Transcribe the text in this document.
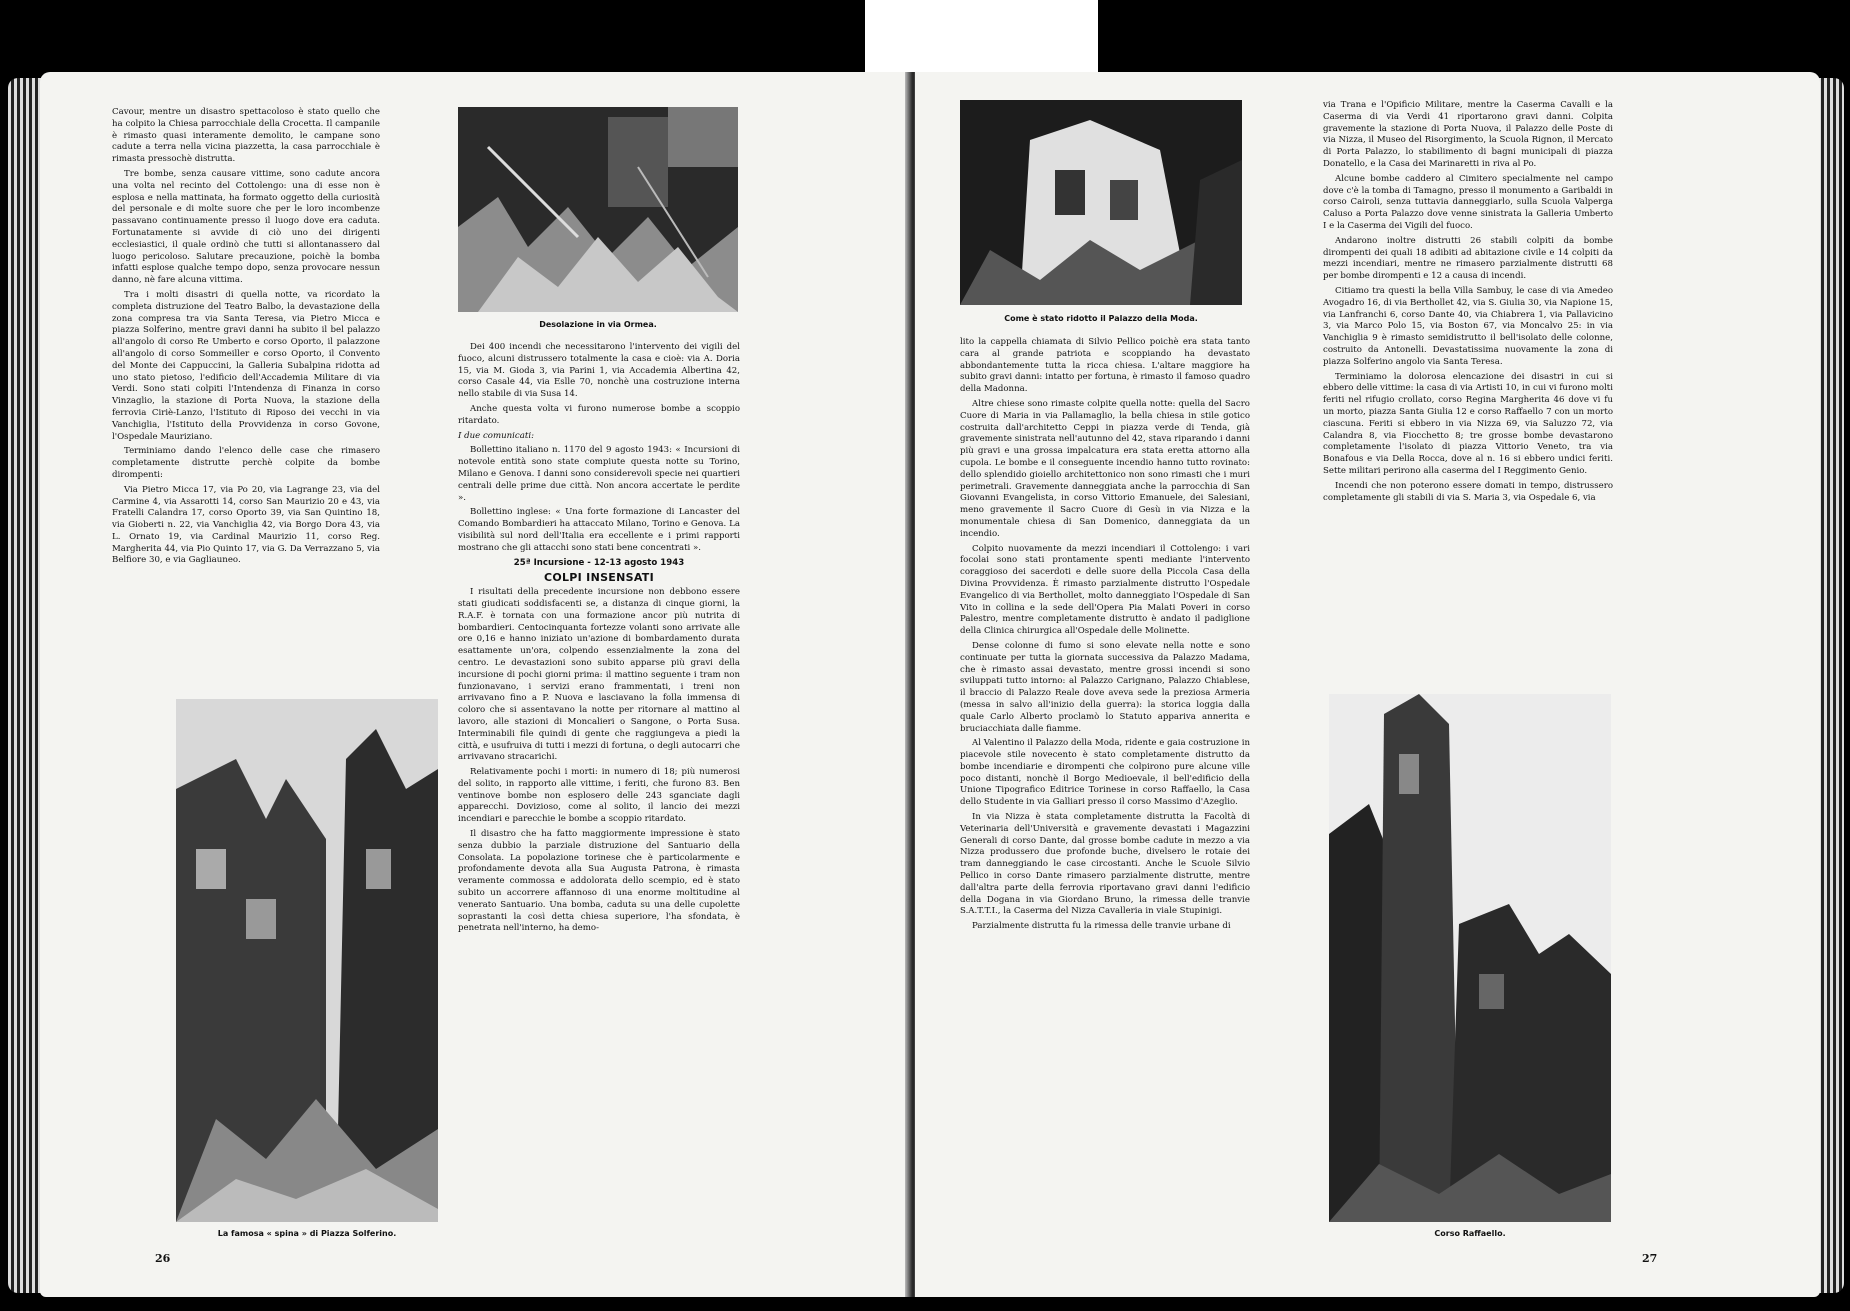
Cavour, mentre un disastro spettacoloso è stato quello che ha colpito la Chiesa parrocchiale della Crocetta. Il campanile è rimasto quasi interamente demolito, le campane sono cadute a terra nella vicina piazzetta, la casa parrocchiale è rimasta pressochè distrutta.

Tre bombe, senza causare vittime, sono cadute ancora una volta nel recinto del Cottolengo: una di esse non è esplosa e nella mattinata, ha formato oggetto della curiosità del personale e di molte suore che per le loro incombenze passavano continuamente presso il luogo dove era caduta. Fortunatamente si avvide di ciò uno dei dirigenti ecclesiastici, il quale ordinò che tutti si allontanassero dal luogo pericoloso. Salutare precauzione, poichè la bomba infatti esplose qualche tempo dopo, senza provocare nessun danno, nè fare alcuna vittima.

Tra i molti disastri di quella notte, va ricordato la completa distruzione del Teatro Balbo, la devastazione della zona compresa tra via Santa Teresa, via Pietro Micca e piazza Solferino, mentre gravi danni ha subito il bel palazzo all'angolo di corso Re Umberto e corso Oporto, il palazzone all'angolo di corso Sommeiller e corso Oporto, il Convento del Monte dei Cappuccini, la Galleria Subalpina ridotta ad uno stato pietoso, l'edificio dell'Accademia Militare di via Verdi. Sono stati colpiti l'Intendenza di Finanza in corso Vinzaglio, la stazione di Porta Nuova, la stazione della ferrovia Ciriè-Lanzo, l'Istituto di Riposo dei vecchi in via Vanchiglia, l'Istituto della Provvidenza in corso Govone, l'Ospedale Mauriziano.

Terminiamo dando l'elenco delle case che rimasero completamente distrutte perchè colpite da bombe dirompenti:

Via Pietro Micca 17, via Po 20, via Lagrange 23, via del Carmine 4, via Assarotti 14, corso San Maurizio 20 e 43, via Fratelli Calandra 17, corso Oporto 39, via San Quintino 18, via Gioberti n. 22, via Vanchiglia 42, via Borgo Dora 43, via L. Ornato 19, via Cardinal Maurizio 11, corso Reg. Margherita 44, via Pio Quinto 17, via G. Da Verrazzano 5, via Belfiore 30, e via Gagliauneo.

Desolazione in via Ormea.

Dei 400 incendi che necessitarono l'intervento dei vigili del fuoco, alcuni distrussero totalmente la casa e cioè: via A. Doria 15, via M. Gioda 3, via Parini 1, via Accademia Albertina 42, corso Casale 44, via Eslle 70, nonchè una costruzione interna nello stabile di via Susa 14.

Anche questa volta vi furono numerose bombe a scoppio ritardato.

I due comunicati:

Bollettino italiano n. 1170 del 9 agosto 1943: « Incursioni di notevole entità sono state compiute questa notte su Torino, Milano e Genova. I danni sono considerevoli specie nei quartieri centrali delle prime due città. Non ancora accertate le perdite ».

Bollettino inglese: « Una forte formazione di Lancaster del Comando Bombardieri ha attaccato Milano, Torino e Genova. La visibilità sul nord dell'Italia era eccellente e i primi rapporti mostrano che gli attacchi sono stati bene concentrati ».

25ª Incursione - 12-13 agosto 1943

COLPI INSENSATI

I risultati della precedente incursione non debbono essere stati giudicati soddisfacenti se, a distanza di cinque giorni, la R.A.F. è tornata con una formazione ancor più nutrita di bombardieri. Centocinquanta fortezze volanti sono arrivate alle ore 0,16 e hanno iniziato un'azione di bombardamento durata esattamente un'ora, colpendo essenzialmente la zona del centro. Le devastazioni sono subito apparse più gravi della incursione di pochi giorni prima: il mattino seguente i tram non funzionavano, i servizi erano frammentati, i treni non arrivavano fino a P. Nuova e lasciavano la folla immensa di coloro che si assentavano la notte per ritornare al mattino al lavoro, alle stazioni di Moncalieri o Sangone, o Porta Susa. Interminabili file quindi di gente che raggiungeva a piedi la città, e usufruiva di tutti i mezzi di fortuna, o degli autocarri che arrivavano stracarichi.

Relativamente pochi i morti: in numero di 18; più numerosi del solito, in rapporto alle vittime, i feriti, che furono 83. Ben ventinove bombe non esplosero delle 243 sganciate dagli apparecchi. Dovizioso, come al solito, il lancio dei mezzi incendiari e parecchie le bombe a scoppio ritardato.

Il disastro che ha fatto maggiormente impressione è stato senza dubbio la parziale distruzione del Santuario della Consolata. La popolazione torinese che è particolarmente e profondamente devota alla Sua Augusta Patrona, è rimasta veramente commossa e addolorata dello scempio, ed è stato subito un accorrere affannoso di una enorme moltitudine al venerato Santuario. Una bomba, caduta su una delle cupolette soprastanti la così detta chiesa superiore, l'ha sfondata, è penetrata nell'interno, ha demo-

La famosa « spina » di Piazza Solferino.
26
Come è stato ridotto il Palazzo della Moda.

lito la cappella chiamata di Silvio Pellico poichè era stata tanto cara al grande patriota e scoppiando ha devastato abbondantemente tutta la ricca chiesa. L'altare maggiore ha subito gravi danni: intatto per fortuna, è rimasto il famoso quadro della Madonna.

Altre chiese sono rimaste colpite quella notte: quella del Sacro Cuore di Maria in via Pallamaglio, la bella chiesa in stile gotico costruita dall'architetto Ceppi in piazza verde di Tenda, già gravemente sinistrata nell'autunno del 42, stava riparando i danni più gravi e una grossa impalcatura era stata eretta attorno alla cupola. Le bombe e il conseguente incendio hanno tutto rovinato: dello splendido gioiello architettonico non sono rimasti che i muri perimetrali. Gravemente danneggiata anche la parrocchia di San Giovanni Evangelista, in corso Vittorio Emanuele, dei Salesiani, meno gravemente il Sacro Cuore di Gesù in via Nizza e la monumentale chiesa di San Domenico, danneggiata da un incendio.

Colpito nuovamente da mezzi incendiari il Cottolengo: i vari focolai sono stati prontamente spenti mediante l'intervento coraggioso dei sacerdoti e delle suore della Piccola Casa della Divina Provvidenza. È rimasto parzialmente distrutto l'Ospedale Evangelico di via Berthollet, molto danneggiato l'Ospedale di San Vito in collina e la sede dell'Opera Pia Malati Poveri in corso Palestro, mentre completamente distrutto è andato il padiglione della Clinica chirurgica all'Ospedale delle Molinette.

Dense colonne di fumo si sono elevate nella notte e sono continuate per tutta la giornata successiva da Palazzo Madama, che è rimasto assai devastato, mentre grossi incendi si sono sviluppati tutto intorno: al Palazzo Carignano, Palazzo Chiablese, il braccio di Palazzo Reale dove aveva sede la preziosa Armeria (messa in salvo all'inizio della guerra): la storica loggia dalla quale Carlo Alberto proclamò lo Statuto appariva annerita e bruciacchiata dalle fiamme.

Al Valentino il Palazzo della Moda, ridente e gaia costruzione in piacevole stile novecento è stato completamente distrutto da bombe incendiarie e dirompenti che colpirono pure alcune ville poco distanti, nonchè il Borgo Medioevale, il bell'edificio della Unione Tipografico Editrice Torinese in corso Raffaello, la Casa dello Studente in via Galliari presso il corso Massimo d'Azeglio.

In via Nizza è stata completamente distrutta la Facoltà di Veterinaria dell'Università e gravemente devastati i Magazzini Generali di corso Dante, dal grosse bombe cadute in mezzo a via Nizza produssero due profonde buche, divelsero le rotaie dei tram danneggiando le case circostanti. Anche le Scuole Silvio Pellico in corso Dante rimasero parzialmente distrutte, mentre dall'altra parte della ferrovia riportavano gravi danni l'edificio della Dogana in via Giordano Bruno, la rimessa delle tranvie S.A.T.T.I., la Caserma del Nizza Cavalleria in viale Stupinigi.

Parzialmente distrutta fu la rimessa delle tranvie urbane di

via Trana e l'Opificio Militare, mentre la Caserma Cavalli e la Caserma di via Verdi 41 riportarono gravi danni. Colpita gravemente la stazione di Porta Nuova, il Palazzo delle Poste di via Nizza, il Museo del Risorgimento, la Scuola Rignon, il Mercato di Porta Palazzo, lo stabilimento di bagni municipali di piazza Donatello, e la Casa dei Marinaretti in riva al Po.

Alcune bombe caddero al Cimitero specialmente nel campo dove c'è la tomba di Tamagno, presso il monumento a Garibaldi in corso Cairoli, senza tuttavia danneggiarlo, sulla Scuola Valperga Caluso a Porta Palazzo dove venne sinistrata la Galleria Umberto I e la Caserma dei Vigili del fuoco.

Andarono inoltre distrutti 26 stabili colpiti da bombe dirompenti dei quali 18 adibiti ad abitazione civile e 14 colpiti da mezzi incendiari, mentre ne rimasero parzialmente distrutti 68 per bombe dirompenti e 12 a causa di incendi.

Citiamo tra questi la bella Villa Sambuy, le case di via Amedeo Avogadro 16, di via Berthollet 42, via S. Giulia 30, via Napione 15, via Lanfranchi 6, corso Dante 40, via Chiabrera 1, via Pallavicino 3, via Marco Polo 15, via Boston 67, via Moncalvo 25: in via Vanchiglia 9 è rimasto semidistrutto il bell'isolato delle colonne, costruito da Antonelli. Devastatissima nuovamente la zona di piazza Solferino angolo via Santa Teresa.

Terminiamo la dolorosa elencazione dei disastri in cui si ebbero delle vittime: la casa di via Artisti 10, in cui vi furono molti feriti nel rifugio crollato, corso Regina Margherita 46 dove vi fu un morto, piazza Santa Giulia 12 e corso Raffaello 7 con un morto ciascuna. Feriti si ebbero in via Nizza 69, via Saluzzo 72, via Calandra 8, via Fiocchetto 8; tre grosse bombe devastarono completamente l'isolato di piazza Vittorio Veneto, tra via Bonafous e via Della Rocca, dove al n. 16 si ebbero undici feriti. Sette militari perirono alla caserma del I Reggimento Genio.

Incendi che non poterono essere domati in tempo, distrussero completamente gli stabili di via S. Maria 3, via Ospedale 6, via

Corso Raffaello.
27
